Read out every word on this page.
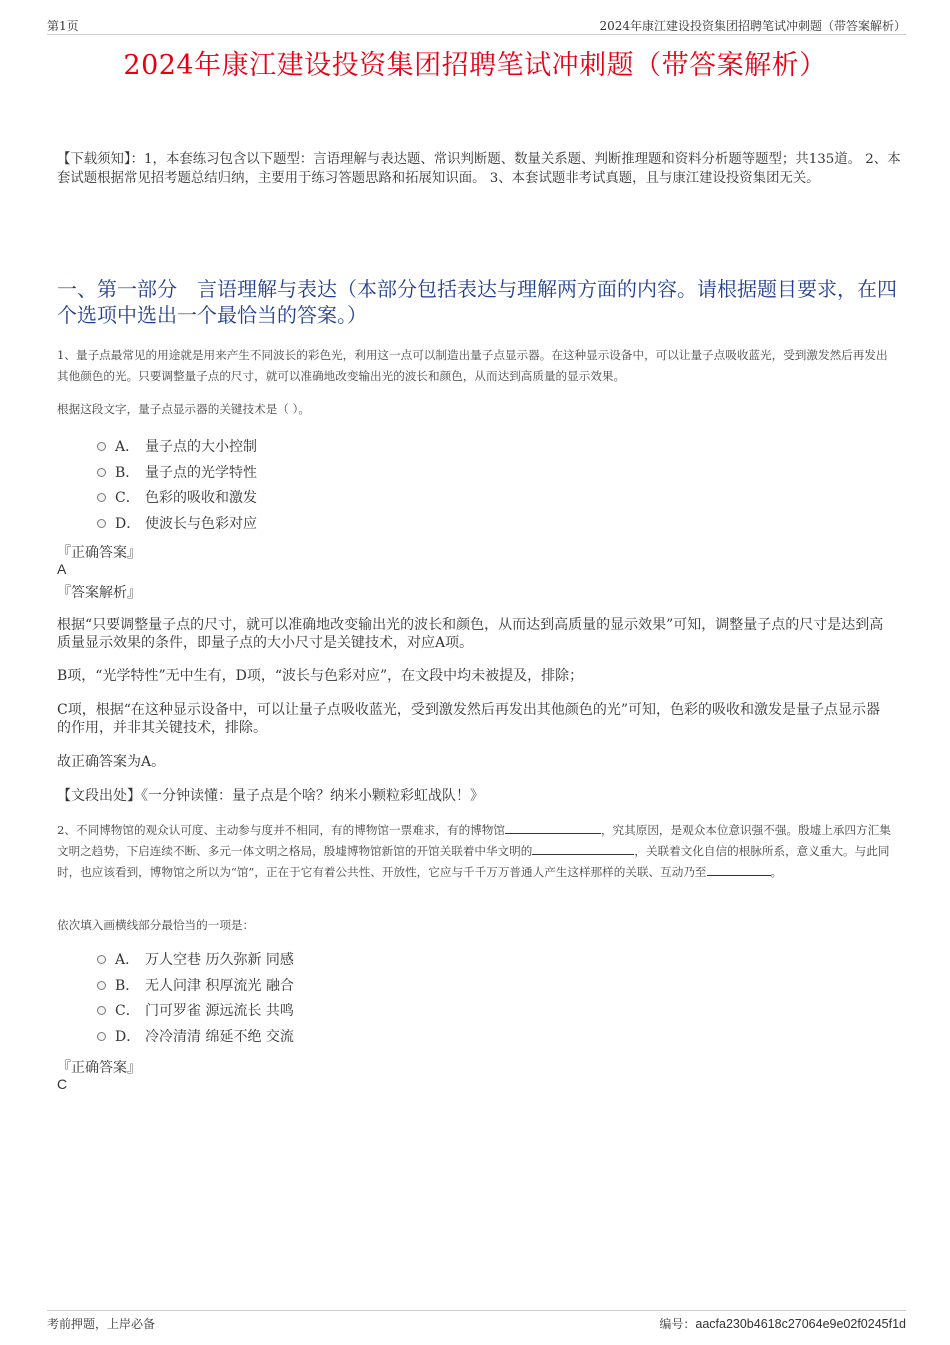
第1页	2024年康江建设投资集团招聘笔试冲刺题（带答案解析）
2024年康江建设投资集团招聘笔试冲刺题（带答案解析）
【下载须知】：1，本套练习包含以下题型：言语理解与表达题、常识判断题、数量关系题、判断推理题和资料分析题等题型；共135道。 2、本套试题根据常见招考题总结归纳，主要用于练习答题思路和拓展知识面。 3、本套试题非考试真题，且与康江建设投资集团无关。
一、第一部分　言语理解与表达（本部分包括表达与理解两方面的内容。请根据题目要求，在四个选项中选出一个最恰当的答案。）
1、量子点最常见的用途就是用来产生不同波长的彩色光，利用这一点可以制造出量子点显示器。在这种显示设备中，可以让量子点吸收蓝光，受到激发然后再发出其他颜色的光。只要调整量子点的尺寸，就可以准确地改变输出光的波长和颜色，从而达到高质量的显示效果。
根据这段文字，量子点显示器的关键技术是（ ）。
A． 量子点的大小控制
B． 量子点的光学特性
C． 色彩的吸收和激发
D． 使波长与色彩对应
『正确答案』
A
『答案解析』
根据“只要调整量子点的尺寸，就可以准确地改变输出光的波长和颜色，从而达到高质量的显示效果”可知，调整量子点的尺寸是达到高质量显示效果的条件，即量子点的大小尺寸是关键技术，对应A项。
B项，“光学特性”无中生有，D项，“波长与色彩对应”，在文段中均未被提及，排除；
C项，根据“在这种显示设备中，可以让量子点吸收蓝光，受到激发然后再发出其他颜色的光”可知，色彩的吸收和激发是量子点显示器的作用，并非其关键技术，排除。
故正确答案为A。
【文段出处】《一分钟读懂：量子点是个啥？纳米小颗粒彩虹战队！》
2、不同博物馆的观众认可度、主动参与度并不相同，有的博物馆一票难求，有的博物馆	，究其原因，是观众本位意识强不强。殷墟上承四方汇集文明之趋势，下启连续不断、多元一体文明之格局，殷墟博物馆新馆的开馆关联着中华文明的	，关联着文化自信的根脉所系，意义重大。与此同时，也应该看到，博物馆之所以为“馆”，正在于它有着公共性、开放性，它应与千千万万普通人产生这样那样的关联、互动乃至	。
依次填入画横线部分最恰当的一项是：
A． 万人空巷 历久弥新 同感
B． 无人问津 积厚流光 融合
C． 门可罗雀 源远流长 共鸣
D． 冷冷清清 绵延不绝 交流
『正确答案』
C
考前押题，上岸必备	编号：aacfa230b4618c27064e9e02f0245f1d
